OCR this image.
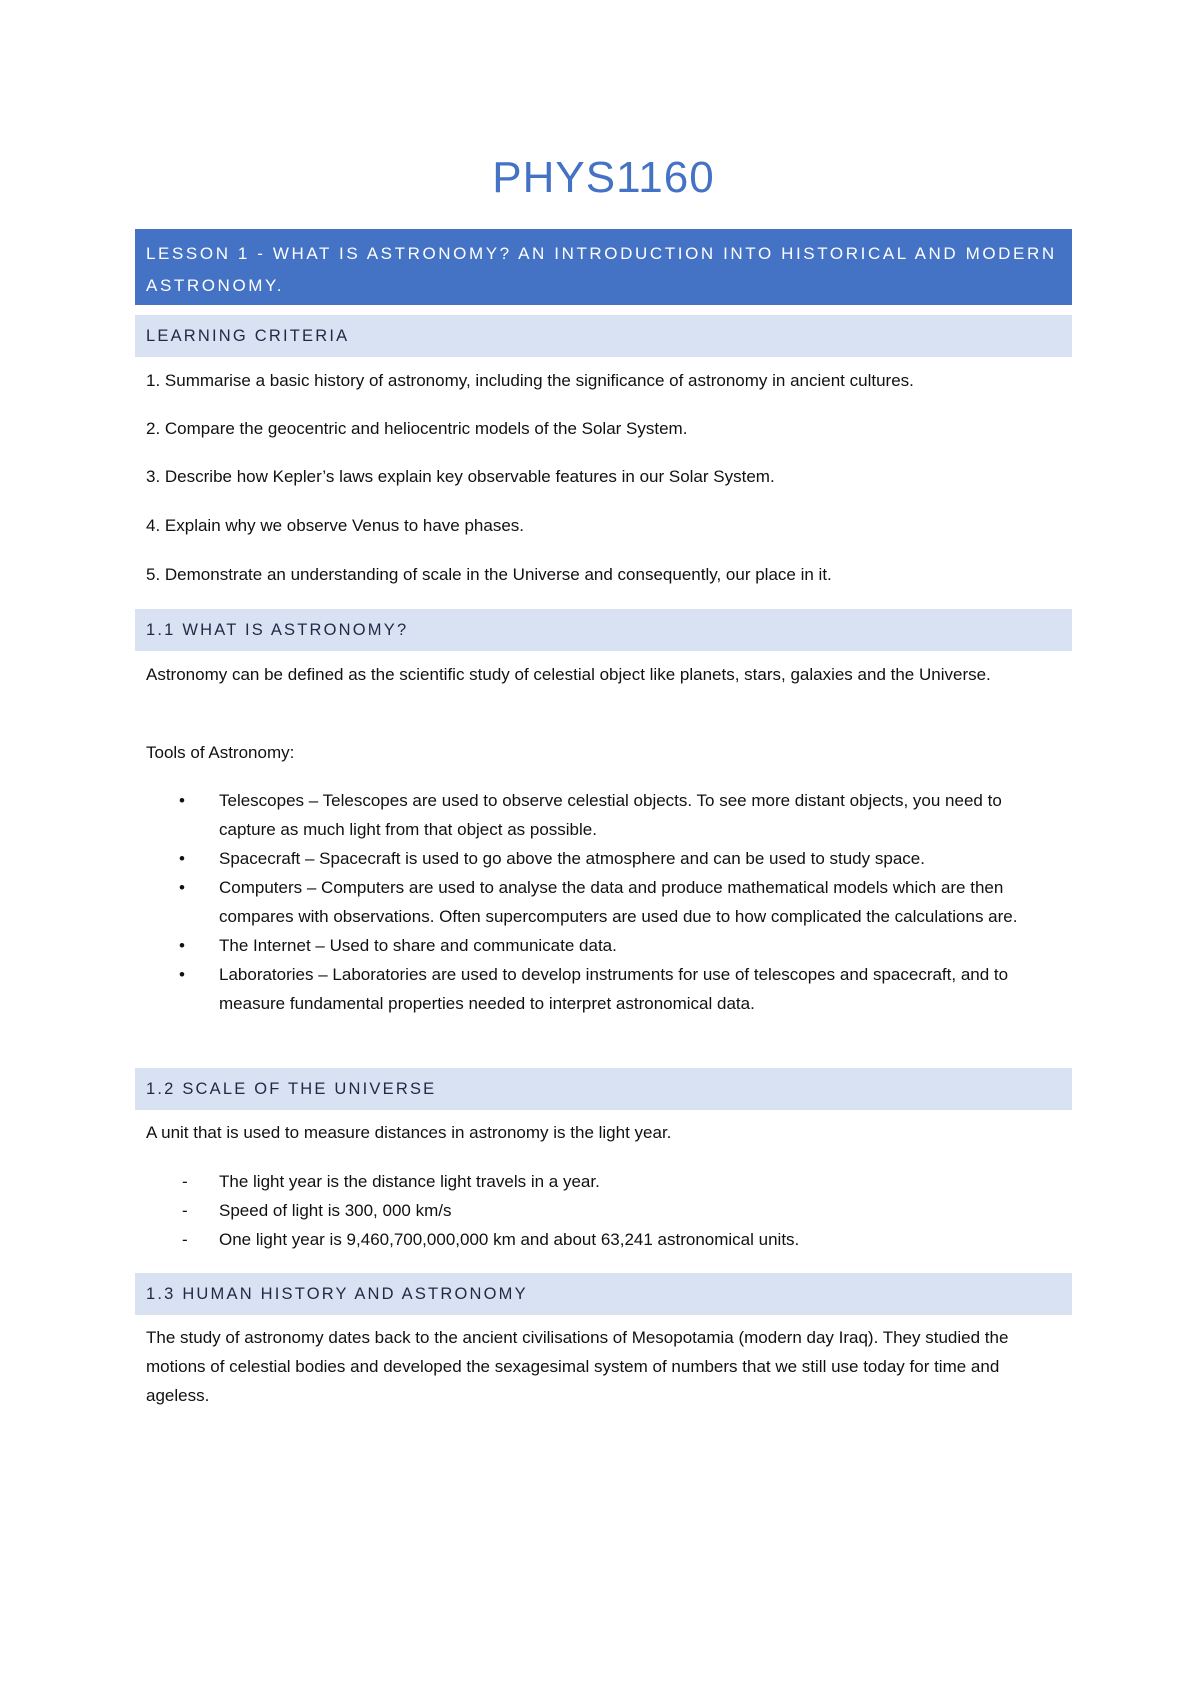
PHYS1160
LESSON 1 - WHAT IS ASTRONOMY? AN INTRODUCTION INTO HISTORICAL AND MODERN ASTRONOMY.
LEARNING CRITERIA

1. Summarise a basic history of astronomy, including the significance of astronomy in ancient cultures.

2. Compare the geocentric and heliocentric models of the Solar System.

3. Describe how Kepler’s laws explain key observable features in our Solar System.

4. Explain why we observe Venus to have phases.

5. Demonstrate an understanding of scale in the Universe and consequently, our place in it.

1.1 WHAT IS ASTRONOMY?

Astronomy can be defined as the scientific study of celestial object like planets, stars, galaxies and the Universe.

Tools of Astronomy:

• Telescopes – Telescopes are used to observe celestial objects. To see more distant objects, you need to capture as much light from that object as possible.
• Spacecraft – Spacecraft is used to go above the atmosphere and can be used to study space.
• Computers – Computers are used to analyse the data and produce mathematical models which are then compares with observations. Often supercomputers are used due to how complicated the calculations are.
• The Internet – Used to share and communicate data.
• Laboratories – Laboratories are used to develop instruments for use of telescopes and spacecraft, and to measure fundamental properties needed to interpret astronomical data.
1.2 SCALE OF THE UNIVERSE

A unit that is used to measure distances in astronomy is the light year.

- The light year is the distance light travels in a year.
- Speed of light is 300, 000 km/s
- One light year is 9,460,700,000,000 km and about 63,241 astronomical units.
1.3 HUMAN HISTORY AND ASTRONOMY

The study of astronomy dates back to the ancient civilisations of Mesopotamia (modern day Iraq). They studied the motions of celestial bodies and developed the sexagesimal system of numbers that we still use today for time and ageless.
